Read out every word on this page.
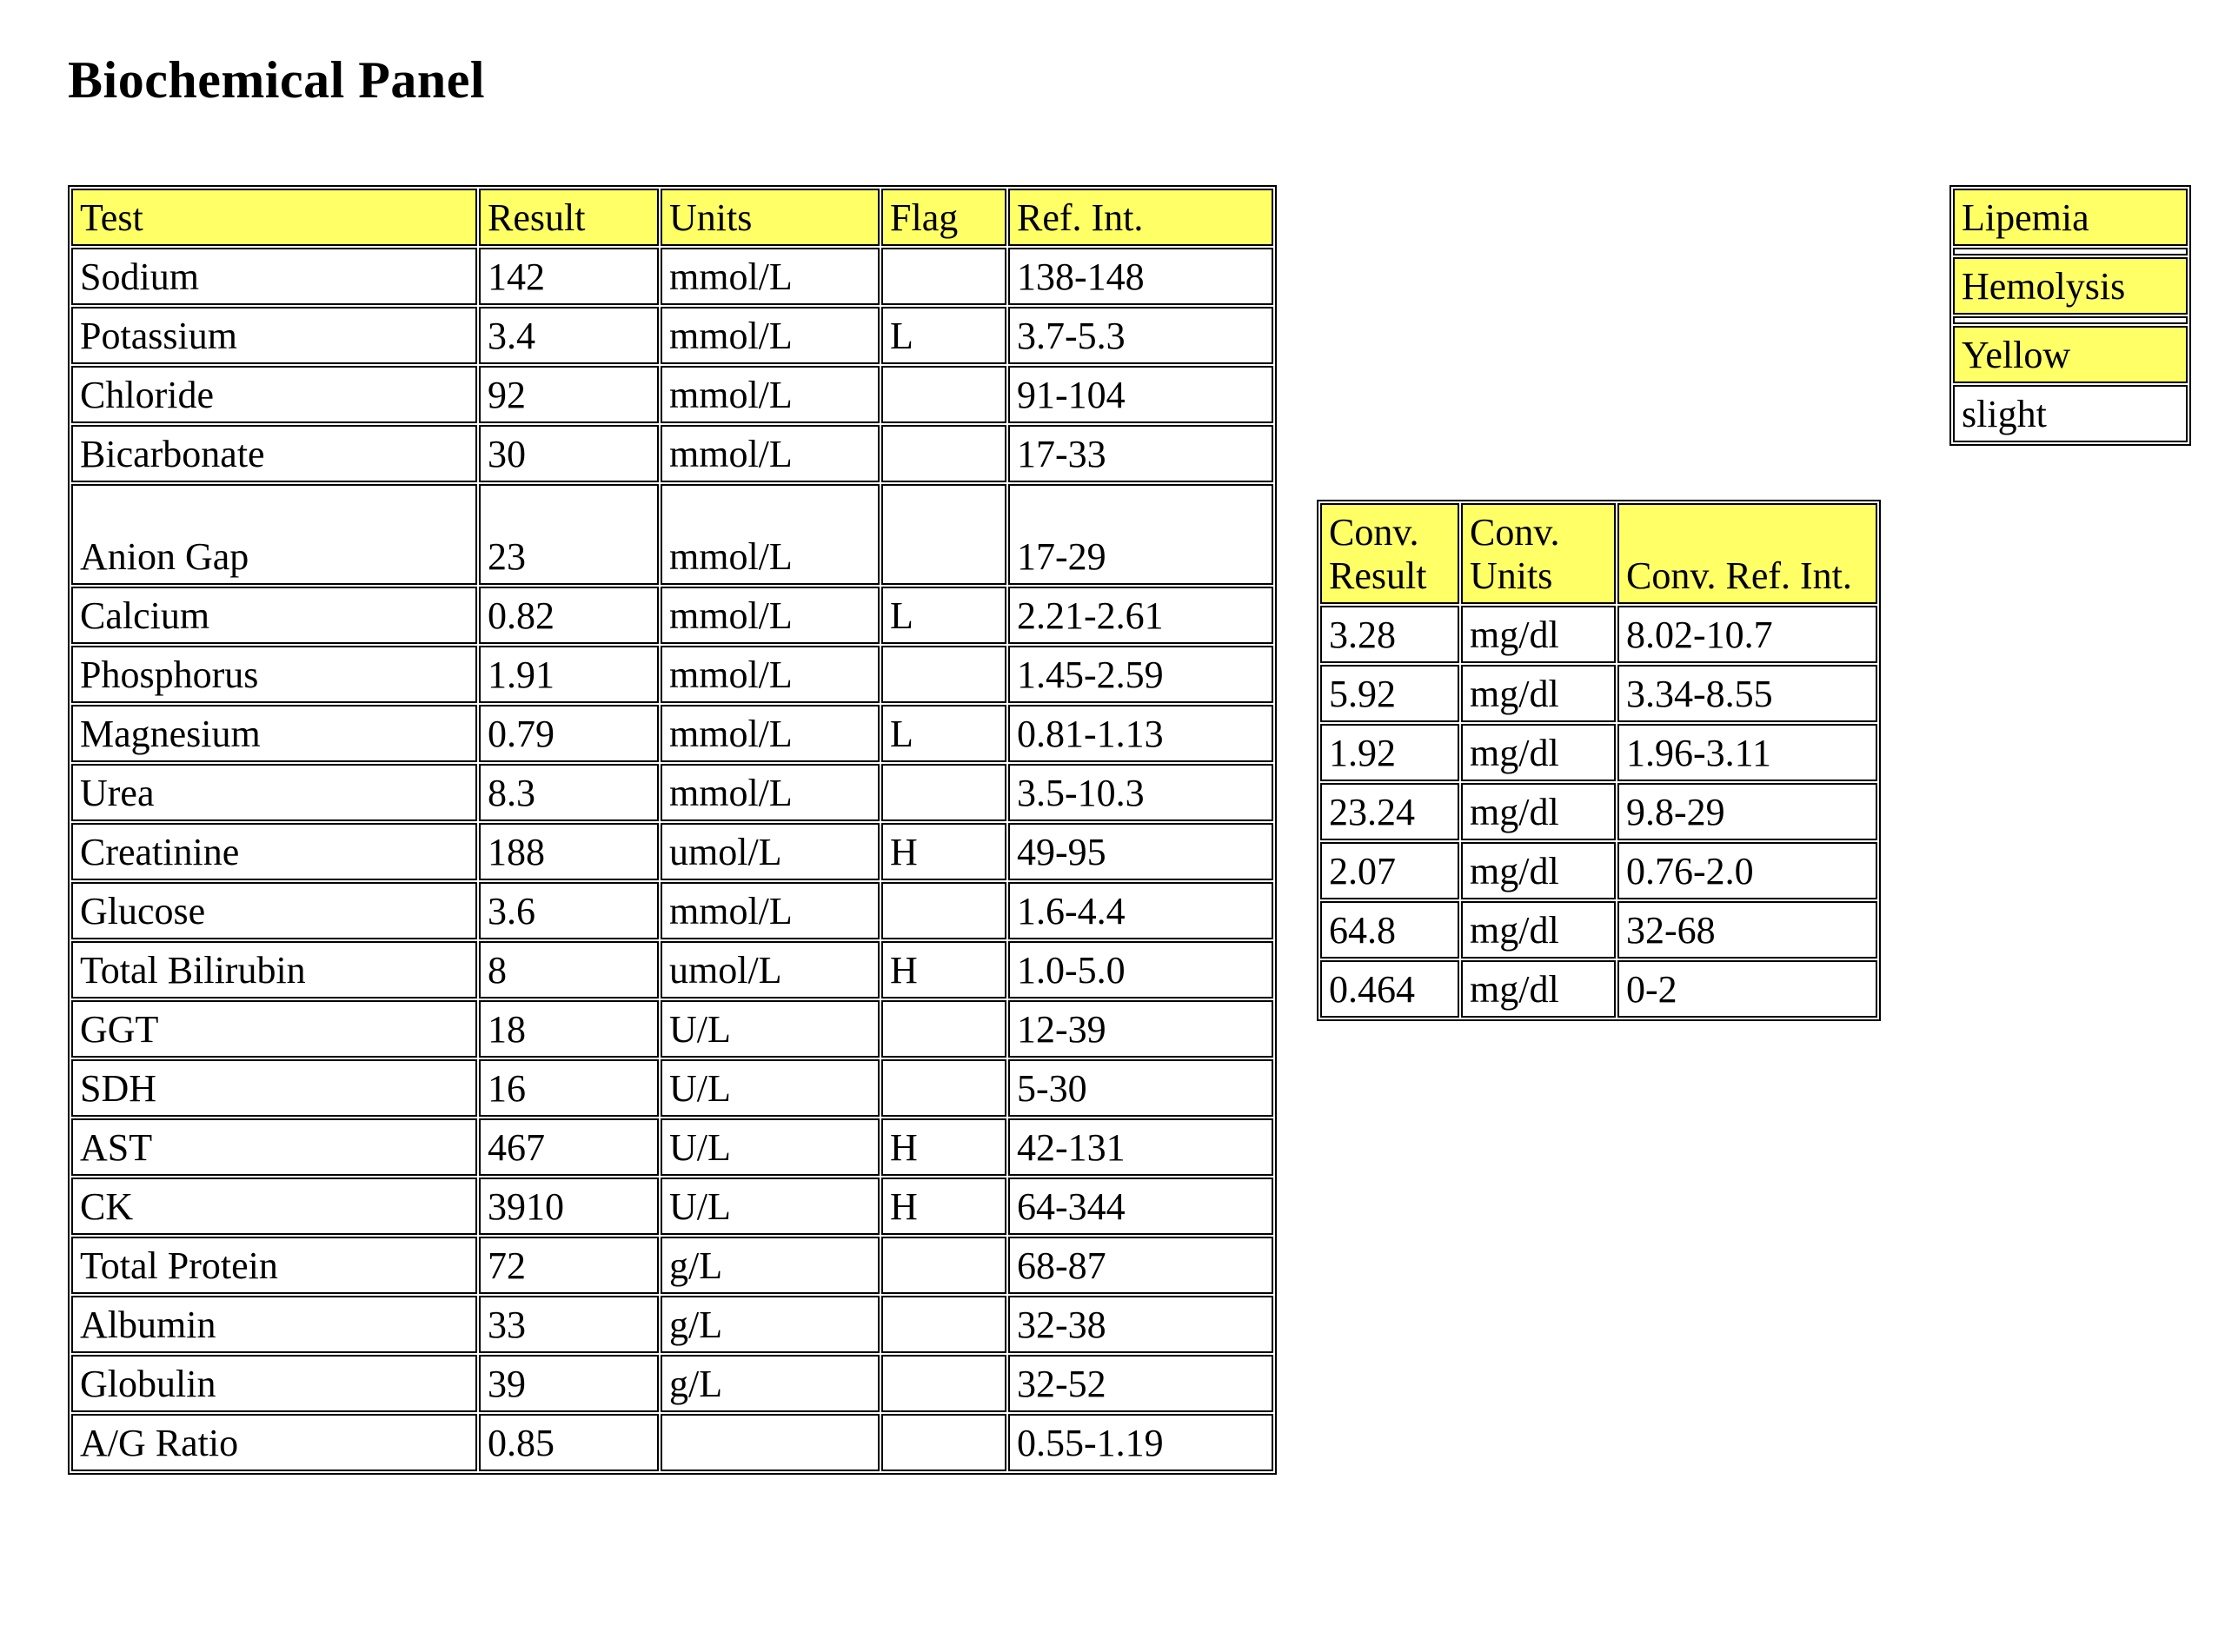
Biochemical Panel
Test	Result	Units	Flag	Ref. Int.
Sodium	142	mmol/L		138-148
Potassium	3.4	mmol/L	L	3.7-5.3
Chloride	92	mmol/L		91-104
Bicarbonate	30	mmol/L		17-33
Anion Gap	23	mmol/L		17-29
Calcium	0.82	mmol/L	L	2.21-2.61
Phosphorus	1.91	mmol/L		1.45-2.59
Magnesium	0.79	mmol/L	L	0.81-1.13
Urea	8.3	mmol/L		3.5-10.3
Creatinine	188	umol/L	H	49-95
Glucose	3.6	mmol/L		1.6-4.4
Total Bilirubin	8	umol/L	H	1.0-5.0
GGT	18	U/L		12-39
SDH	16	U/L		5-30
AST	467	U/L	H	42-131
CK	3910	U/L	H	64-344
Total Protein	72	g/L		68-87
Albumin	33	g/L		32-38
Globulin	39	g/L		32-52
A/G Ratio	0.85			0.55-1.19
Conv. Result	Conv. Units	Conv. Ref. Int.
3.28	mg/dl	8.02-10.7
5.92	mg/dl	3.34-8.55
1.92	mg/dl	1.96-3.11
23.24	mg/dl	9.8-29
2.07	mg/dl	0.76-2.0
64.8	mg/dl	32-68
0.464	mg/dl	0-2
Lipemia

Hemolysis

Yellow
slight
